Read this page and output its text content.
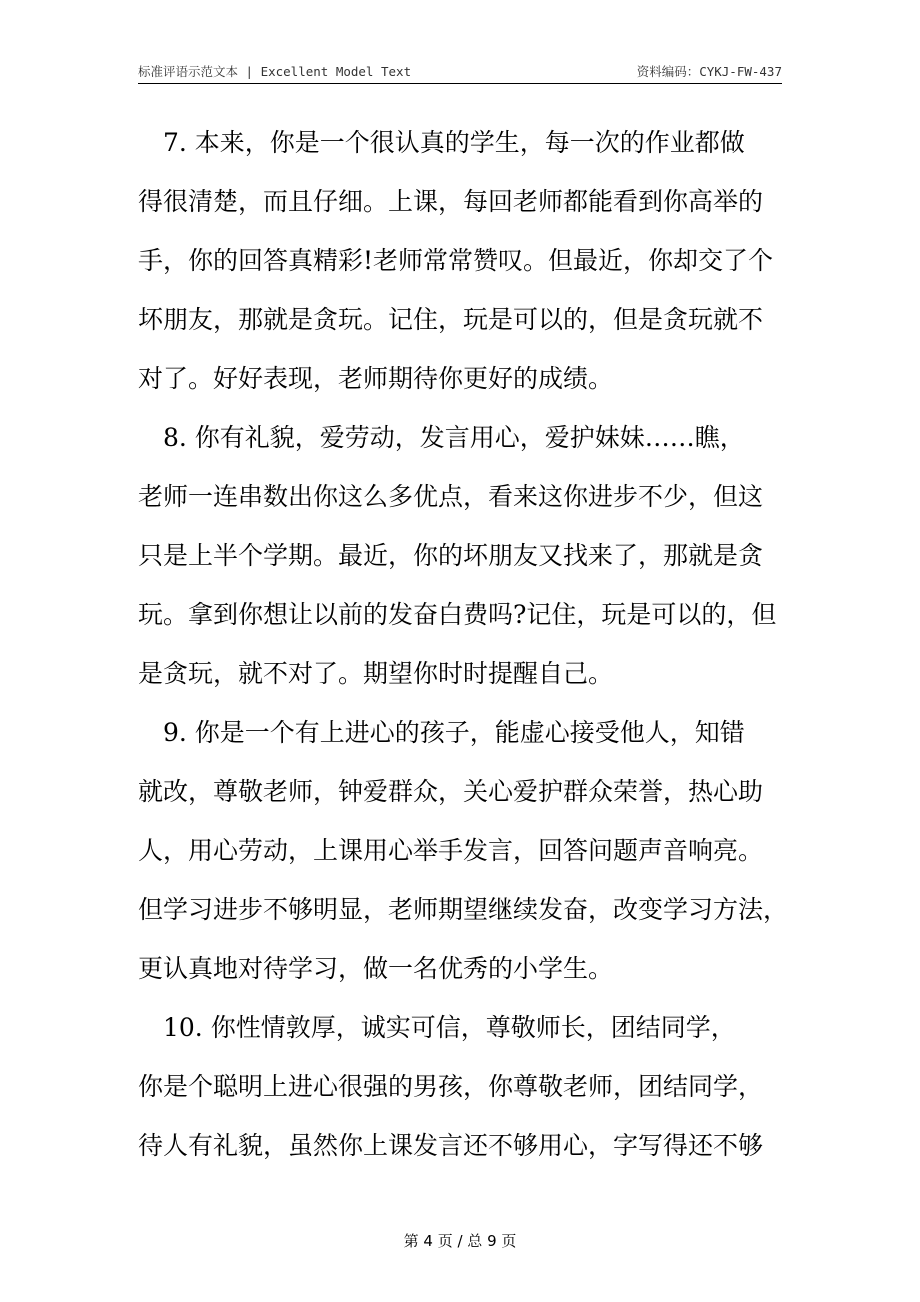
标准评语示范文本 | Excellent Model Text	资料编码：CYKJ-FW-437
　7. 本来，你是一个很认真的学生，每一次的作业都做
得很清楚，而且仔细。上课，每回老师都能看到你高举的
手，你的回答真精彩!老师常常赞叹。但最近，你却交了个
坏朋友，那就是贪玩。记住，玩是可以的，但是贪玩就不
对了。好好表现，老师期待你更好的成绩。
　8. 你有礼貌，爱劳动，发言用心，爱护妹妹……瞧，
老师一连串数出你这么多优点，看来这你进步不少，但这
只是上半个学期。最近，你的坏朋友又找来了，那就是贪
玩。拿到你想让以前的发奋白费吗?记住，玩是可以的，但
是贪玩，就不对了。期望你时时提醒自己。
　9. 你是一个有上进心的孩子，能虚心接受他人，知错
就改，尊敬老师，钟爱群众，关心爱护群众荣誉，热心助
人，用心劳动，上课用心举手发言，回答问题声音响亮。
但学习进步不够明显，老师期望继续发奋，改变学习方法，
更认真地对待学习，做一名优秀的小学生。
　10. 你性情敦厚，诚实可信，尊敬师长，团结同学，
你是个聪明上进心很强的男孩，你尊敬老师，团结同学，
待人有礼貌，虽然你上课发言还不够用心，字写得还不够
第 4 页 / 总 9 页
